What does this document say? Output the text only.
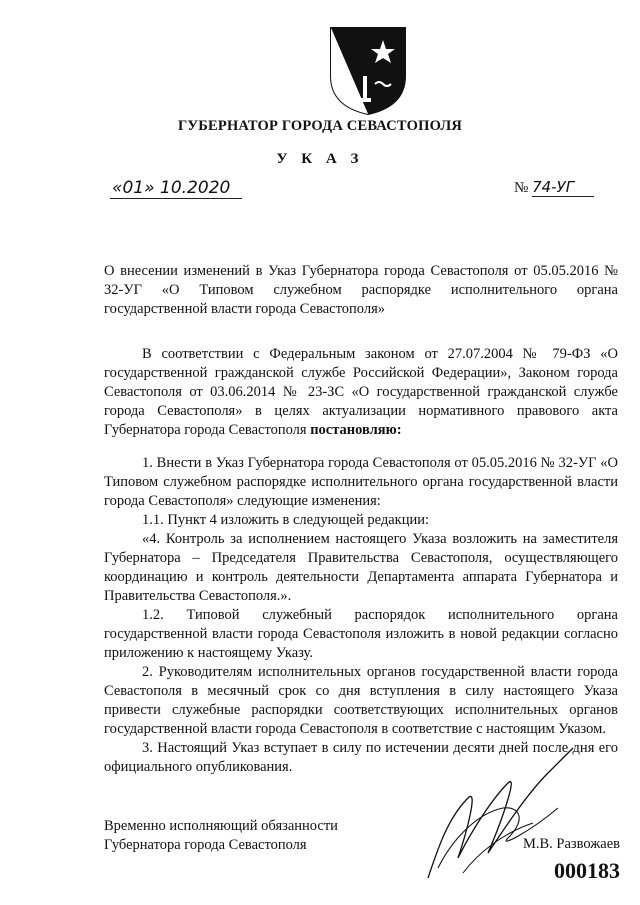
ГУБЕРНАТОР ГОРОДА СЕВАСТОПОЛЯ
У К А З
«01» 10.2020	№ 74-УГ
О внесении изменений в Указ Губернатора города Севастополя от 05.05.2016 № 32-УГ «О Типовом служебном распорядке исполнительного органа государственной власти города Севастополя»

В соответствии с Федеральным законом от 27.07.2004 № 79-ФЗ «О государственной гражданской службе Российской Федерации», Законом города Севастополя от 03.06.2014 № 23-ЗС «О государственной гражданской службе города Севастополя» в целях актуализации нормативного правового акта Губернатора города Севастополя постановляю:

1. Внести в Указ Губернатора города Севастополя от 05.05.2016 № 32-УГ «О Типовом служебном распорядке исполнительного органа государственной власти города Севастополя» следующие изменения:

1.1. Пункт 4 изложить в следующей редакции:

«4. Контроль за исполнением настоящего Указа возложить на заместителя Губернатора – Председателя Правительства Севастополя, осуществляющего координацию и контроль деятельности Департамента аппарата Губернатора и Правительства Севастополя.».

1.2. Типовой служебный распорядок исполнительного органа государственной власти города Севастополя изложить в новой редакции согласно приложению к настоящему Указу.

2. Руководителям исполнительных органов государственной власти города Севастополя в месячный срок со дня вступления в силу настоящего Указа привести служебные распорядки соответствующих исполнительных органов государственной власти города Севастополя в соответствие с настоящим Указом.

3. Настоящий Указ вступает в силу по истечении десяти дней после дня его официального опубликования.

Временно исполняющий обязанности
Губернатора города Севастополя	М.В. Развожаев
000183
